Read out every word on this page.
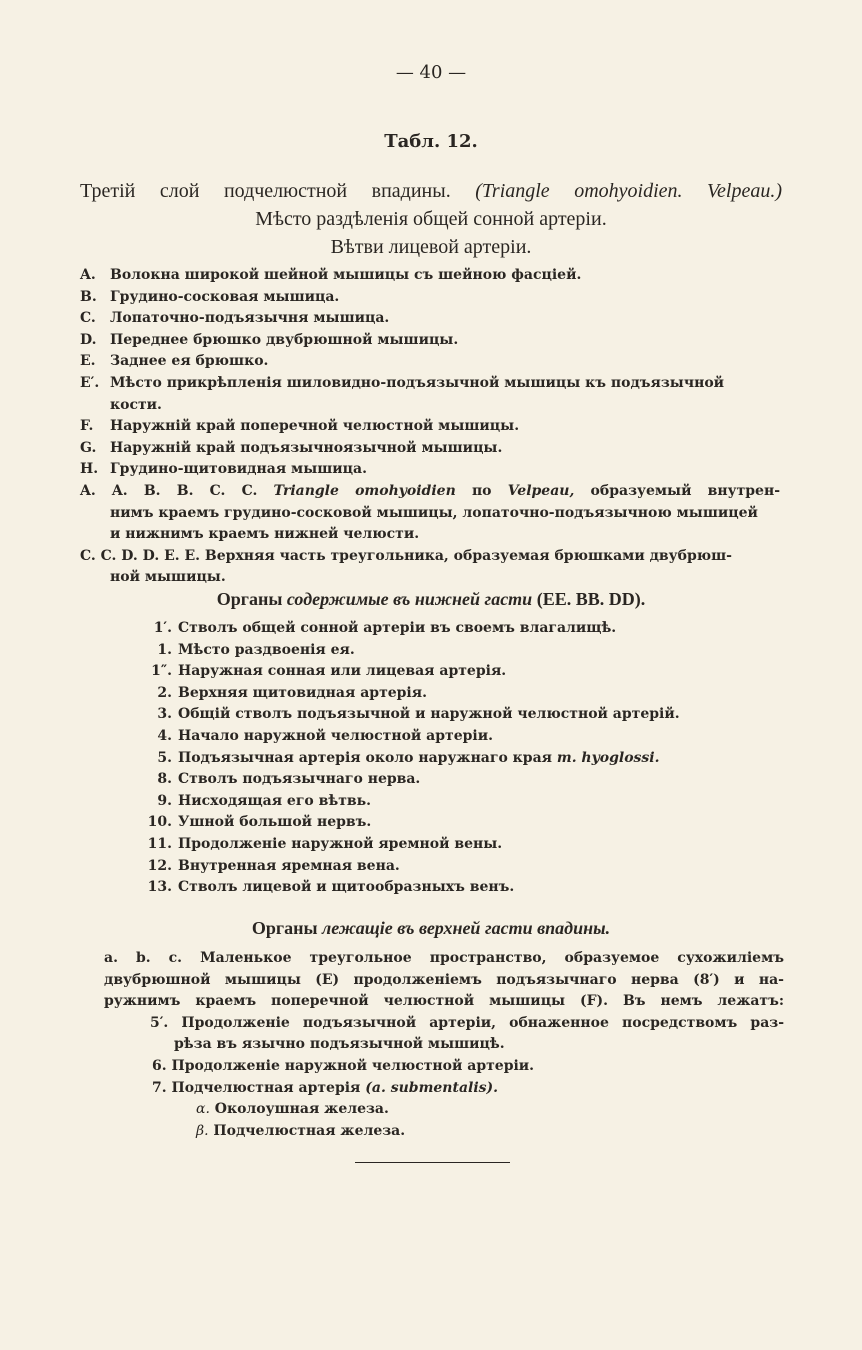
— 40 —
Табл. 12.
Третій слой подчелюстной впадины. (Triangle omohyoidien. Velpeau.)
Мѣсто раздѣленія общей сонной артеріи.
Вѣтви лицевой артеріи.
A.	Волокна широкой шейной мышицы съ шейною фасціей.
B. Грудино-сосковая мышица.
C.	Лопаточно-подъязычня мышица.
D. Переднее брюшко двубрюшной мышицы.
E.	Заднее ея брюшко.
E′. Мѣсто прикрѣпленія шиловидно-подъязычной мышицы къ подъязычной кости.
F.	Наружній край поперечной челюстной мышицы.
G. Наружній край подъязычноязычной мышицы.
H. Грудино-щитовидная мышица.
A. A. B. B. C. C. Triangle omohyoidien по Velpeau, образуемый внутрен-
нимъ краемъ грудино-сосковой мышицы, лопаточно-подъязычною мышицей
и нижнимъ краемъ нижней челюсти.
C. C. D. D. E. E. Верхняя часть треугольника, образуемая брюшками двубрюш-
ной мышицы.
Органы содержимые въ нижней гасти (EE. BB. DD).
1′. Стволъ общей сонной артеріи въ своемъ влагалищѣ.
1. Мѣсто раздвоенія ея.
1″. Наружная сонная или лицевая артерія.
2. Верхняя щитовидная артерія.
3. Общій стволъ подъязычной и наружной челюстной артерій.
4. Начало наружной челюстной артеріи.
5. Подъязычная артерія около наружнаго края m. hyoglossi.
8. Стволъ подъязычнаго нерва.
9. Нисходящая его вѣтвь.
10. Ушной большой нервъ.
11. Продолженіе наружной яремной вены.
12. Внутренная яремная вена.
13. Стволъ лицевой и щитообразныхъ венъ.
Органы лежащіе въ верхней гасти впадины.
a. b. c. Маленькое треугольное пространство, образуемое сухожиліемъ
двубрюшной мышицы (E) продолженіемъ подъязычнаго нерва (8′) и на-
ружнимъ краемъ поперечной челюстной мышицы (F). Въ немъ лежатъ:
5′. Продолженіе подъязычной артеріи, обнаженное посредствомъ раз-
рѣза въ язычно подъязычной мышицѣ.
6. Продолженіе наружной челюстной артеріи.
7. Подчелюстная артерія (a. submentalis).
α. Околоушная железа.
β. Подчелюстная железа.
